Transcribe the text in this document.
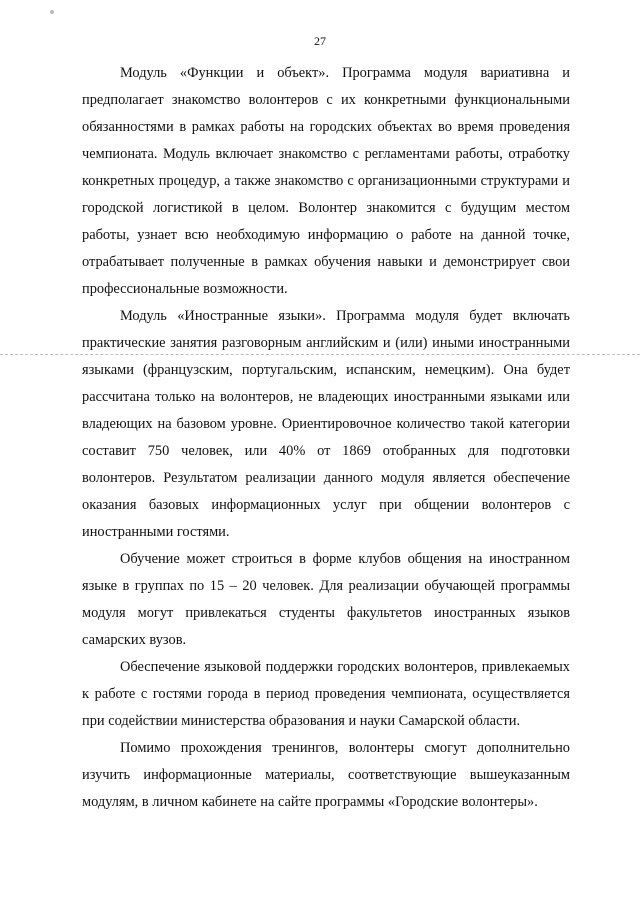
27

Модуль «Функции и объект». Программа модуля вариативна и предполагает знакомство волонтеров с их конкретными функциональными обязанностями в рамках работы на городских объектах во время проведения чемпионата. Модуль включает знакомство с регламентами работы, отработку конкретных процедур, а также знакомство с организационными структурами и городской логистикой в целом. Волонтер знакомится с будущим местом работы, узнает всю необходимую информацию о работе на данной точке, отрабатывает полученные в рамках обучения навыки и демонстрирует свои профессиональные возможности.

Модуль «Иностранные языки». Программа модуля будет включать практические занятия разговорным английским и (или) иными иностранными языками (французским, португальским, испанским, немецким). Она будет рассчитана только на волонтеров, не владеющих иностранными языками или владеющих на базовом уровне. Ориентировочное количество такой категории составит 750 человек, или 40% от 1869 отобранных для подготовки волонтеров. Результатом реализации данного модуля является обеспечение оказания базовых информационных услуг при общении волонтеров с иностранными гостями.

Обучение может строиться в форме клубов общения на иностранном языке в группах по 15 – 20 человек. Для реализации обучающей программы модуля могут привлекаться студенты факультетов иностранных языков самарских вузов.

Обеспечение языковой поддержки городских волонтеров, привлекаемых к работе с гостями города в период проведения чемпионата, осуществляется при содействии министерства образования и науки Самарской области.

Помимо прохождения тренингов, волонтеры смогут дополнительно изучить информационные материалы, соответствующие вышеуказанным модулям, в личном кабинете на сайте программы «Городские волонтеры».
